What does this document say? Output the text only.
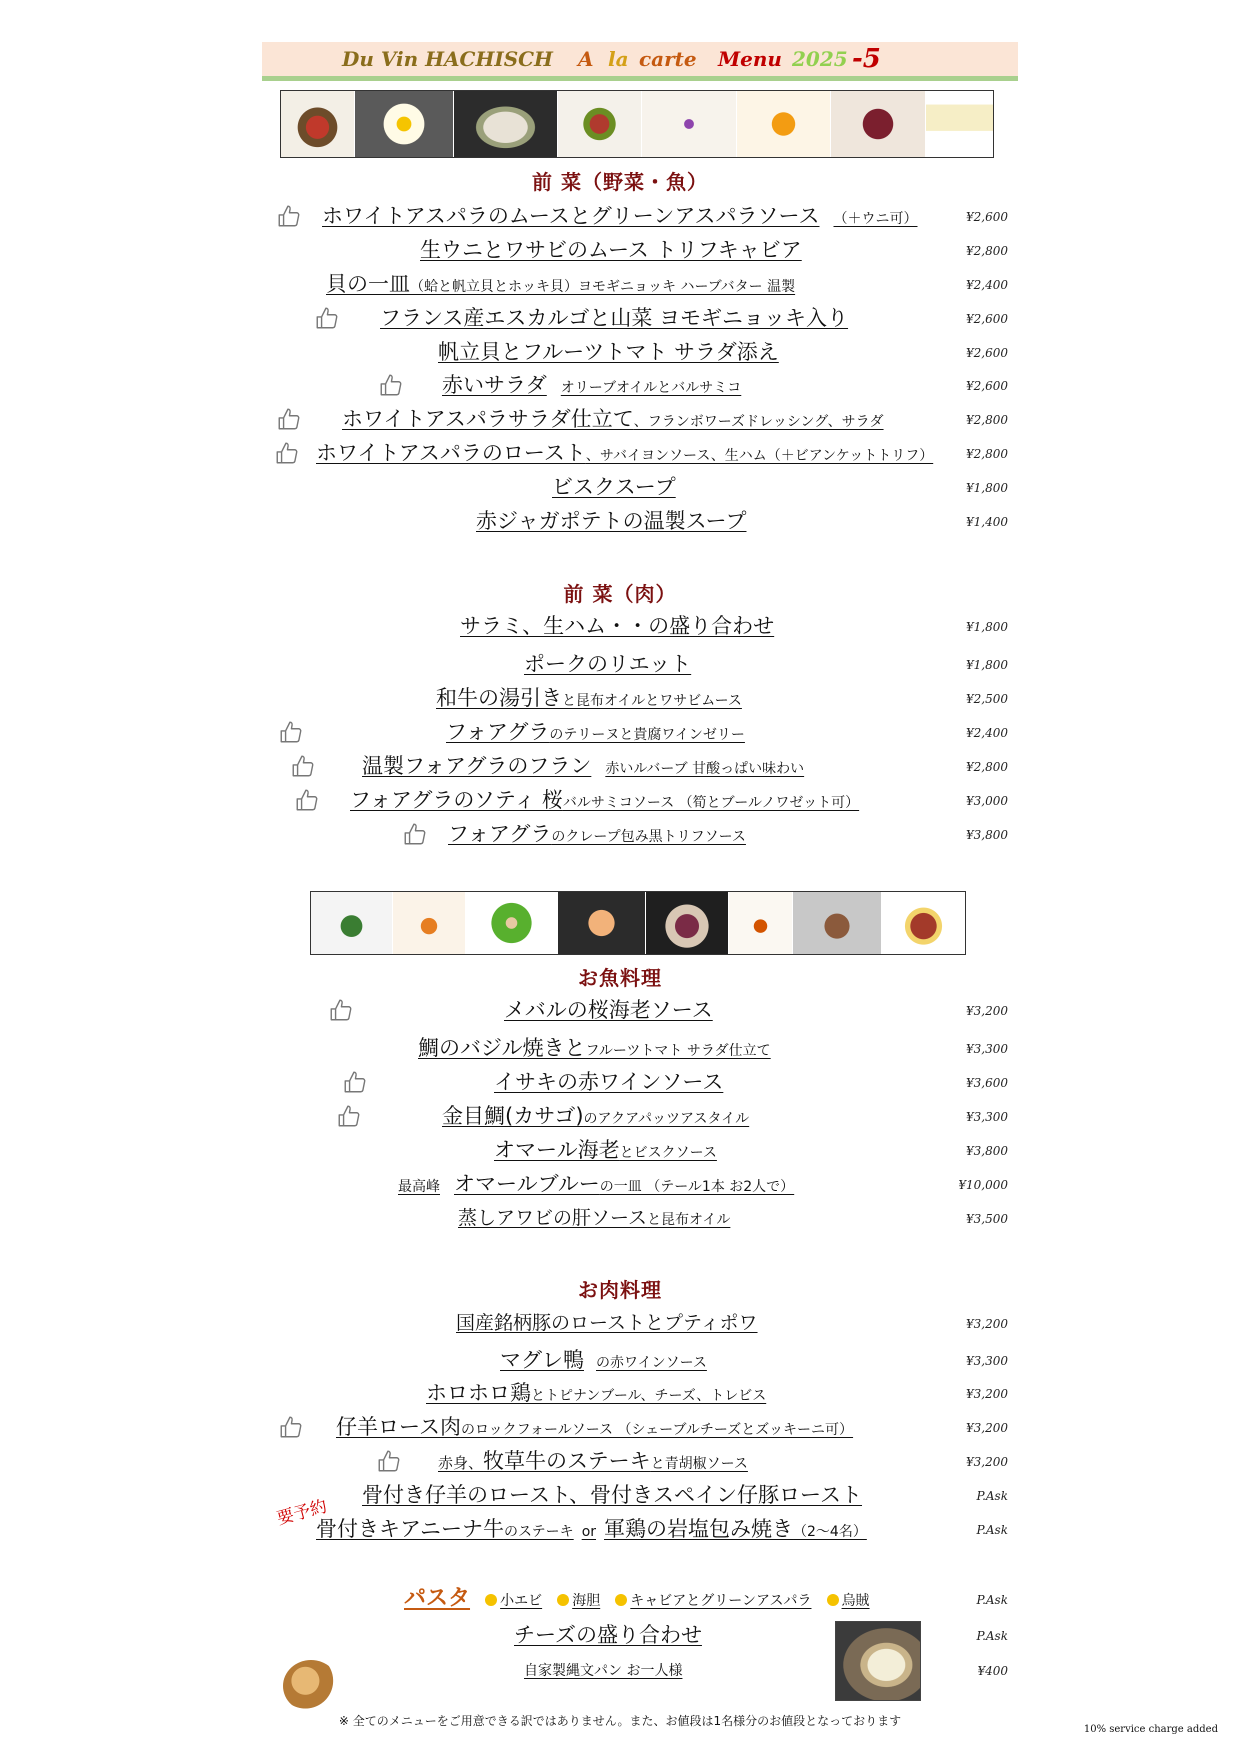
Du Vin HACHISCH A la carte Menu 2025 -5
前 菜（野菜・魚）
ホワイトアスパラのムースとグリーンアスパラソース （＋ウニ可）	¥2,600
生ウニとワサビのムース トリフキャビア	¥2,800
貝の一皿（蛤と帆立貝とホッキ貝）ヨモギニョッキ ハーブバター 温製	¥2,400
フランス産エスカルゴと山菜 ヨモギニョッキ入り	¥2,600
帆立貝とフルーツトマト サラダ添え	¥2,600
赤いサラダ オリーブオイルとバルサミコ	¥2,600
ホワイトアスパラサラダ仕立て、フランボワーズドレッシング、サラダ	¥2,800
ホワイトアスパラのロースト、サバイヨンソース、生ハム（＋ビアンケットトリフ）	¥2,800
ビスクスープ	¥1,800
赤ジャガポテトの温製スープ	¥1,400
前 菜（肉）
サラミ、生ハム・・の盛り合わせ	¥1,800
ポークのリエット	¥1,800
和牛の湯引きと昆布オイルとワサビムース	¥2,500
フォアグラのテリーヌと貴腐ワインゼリー	¥2,400
温製フォアグラのフラン 赤いルバーブ 甘酸っぱい味わい	¥2,800
フォアグラのソティ 桜バルサミコソース （筍とブールノワゼット可）	¥3,000
フォアグラのクレープ包み黒トリフソース	¥3,800
お魚料理
メバルの桜海老ソース	¥3,200
鯛のバジル焼きとフルーツトマト サラダ仕立て	¥3,300
イサキの赤ワインソース	¥3,600
金目鯛(カサゴ)のアクアパッツアスタイル	¥3,300
オマール海老とビスクソース	¥3,800
最高峰 オマールブルーの一皿 （テール1本 お2人で）	¥10,000
蒸しアワビの肝ソースと昆布オイル	¥3,500
お肉料理
国産銘柄豚のローストとプティポワ	¥3,200
マグレ鴨 の赤ワインソース	¥3,300
ホロホロ鶏とトピナンブール、チーズ、トレビス	¥3,200
仔羊ロース肉のロックフォールソース （シェーブルチーズとズッキーニ可）	¥3,200
赤身、牧草牛のステーキと青胡椒ソース	¥3,200
骨付き仔羊のロースト、骨付きスペイン仔豚ロースト	P.Ask
骨付きキアニーナ牛のステーキ or 軍鶏の岩塩包み焼き（2～4名）	P.Ask
要予約
パスタ 小エビ 海胆 キャビアとグリーンアスパラ 烏賊	P.Ask
チーズの盛り合わせ	P.Ask
自家製縄文パン お一人様	¥400
※ 全てのメニューをご用意できる訳ではありません。また、お値段は1名様分のお値段となっております
10% service charge added
